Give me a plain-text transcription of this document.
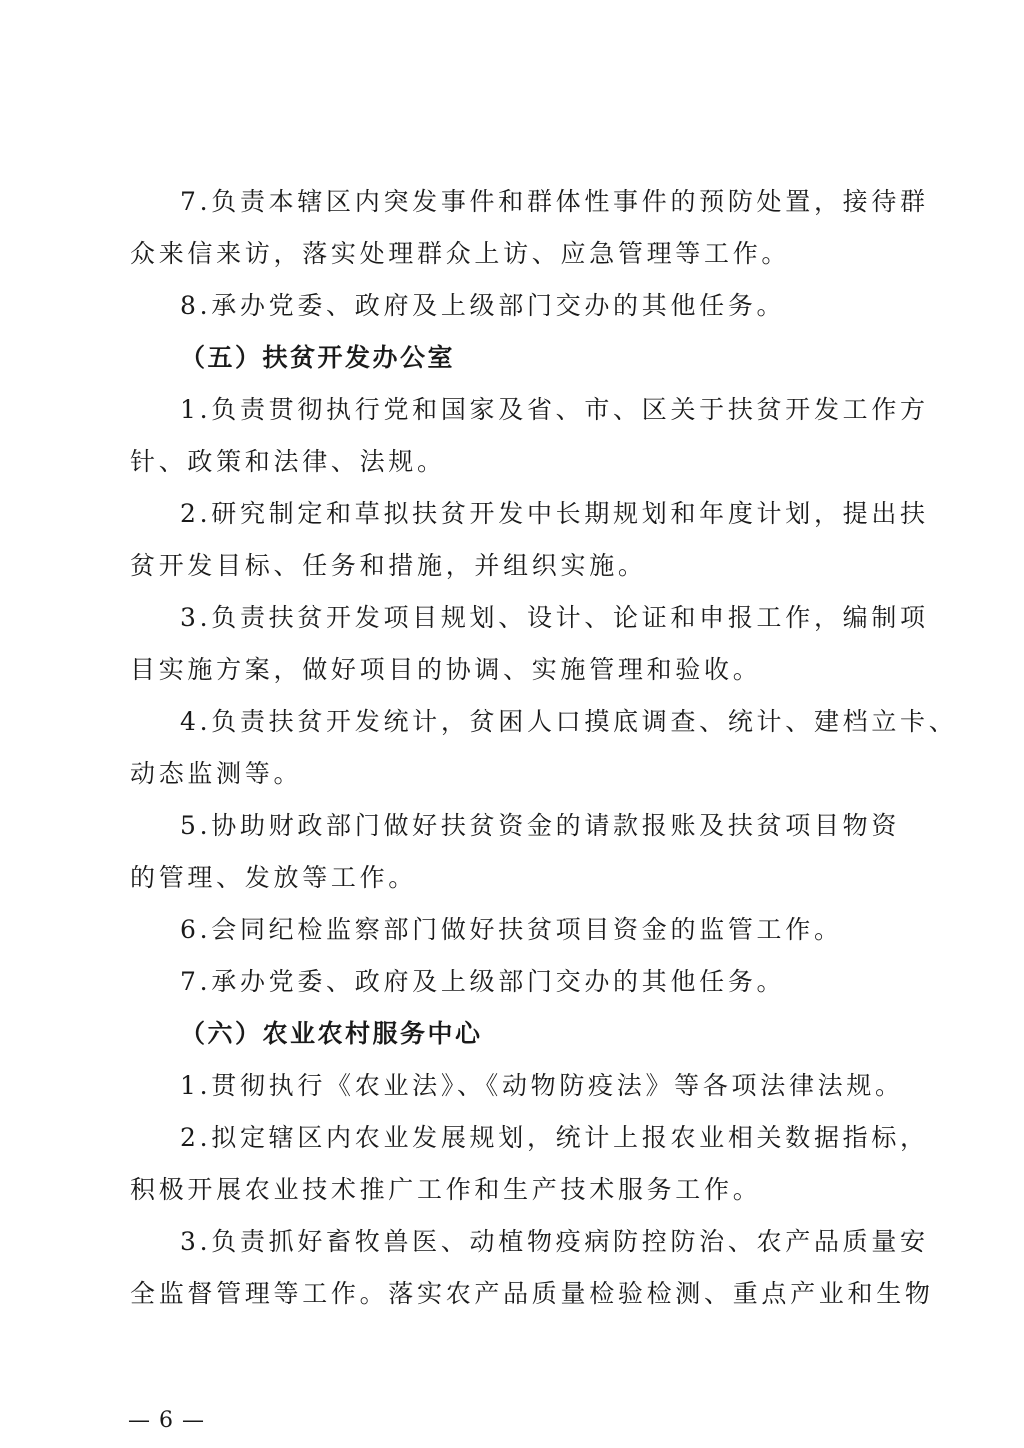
7.负责本辖区内突发事件和群体性事件的预防处置，接待群
众来信来访，落实处理群众上访、应急管理等工作。
8.承办党委、政府及上级部门交办的其他任务。
（五）扶贫开发办公室
1.负责贯彻执行党和国家及省、市、区关于扶贫开发工作方
针、政策和法律、法规。
2.研究制定和草拟扶贫开发中长期规划和年度计划，提出扶
贫开发目标、任务和措施，并组织实施。
3.负责扶贫开发项目规划、设计、论证和申报工作，编制项
目实施方案，做好项目的协调、实施管理和验收。
4.负责扶贫开发统计，贫困人口摸底调查、统计、建档立卡、
动态监测等。
5.协助财政部门做好扶贫资金的请款报账及扶贫项目物资
的管理、发放等工作。
6.会同纪检监察部门做好扶贫项目资金的监管工作。
7.承办党委、政府及上级部门交办的其他任务。
（六）农业农村服务中心
1.贯彻执行《农业法》、《动物防疫法》等各项法律法规。
2.拟定辖区内农业发展规划，统计上报农业相关数据指标，
积极开展农业技术推广工作和生产技术服务工作。
3.负责抓好畜牧兽医、动植物疫病防控防治、农产品质量安
全监督管理等工作。落实农产品质量检验检测、重点产业和生物
— 6 —
